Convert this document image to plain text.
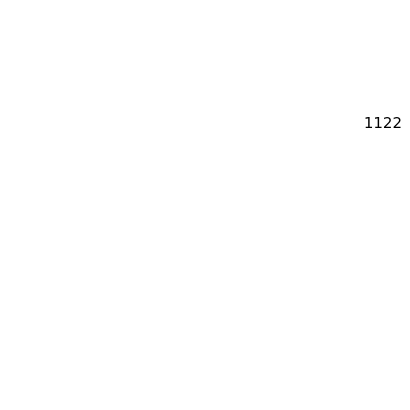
1122
